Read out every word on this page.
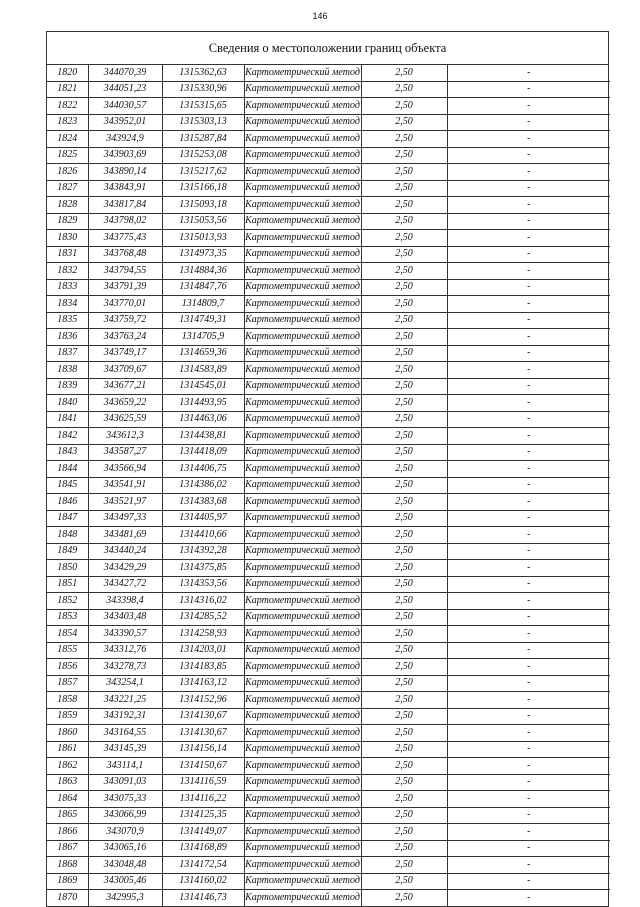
146
Сведения о местоположении границ объекта
1820	344070,39	1315362,63	Картометрический метод	2,50	-
1821	344051,23	1315330,96	Картометрический метод	2,50	-
1822	344030,57	1315315,65	Картометрический метод	2,50	-
1823	343952,01	1315303,13	Картометрический метод	2,50	-
1824	343924,9	1315287,84	Картометрический метод	2,50	-
1825	343903,69	1315253,08	Картометрический метод	2,50	-
1826	343890,14	1315217,62	Картометрический метод	2,50	-
1827	343843,91	1315166,18	Картометрический метод	2,50	-
1828	343817,84	1315093,18	Картометрический метод	2,50	-
1829	343798,02	1315053,56	Картометрический метод	2,50	-
1830	343775,43	1315013,93	Картометрический метод	2,50	-
1831	343768,48	1314973,35	Картометрический метод	2,50	-
1832	343794,55	1314884,36	Картометрический метод	2,50	-
1833	343791,39	1314847,76	Картометрический метод	2,50	-
1834	343770,01	1314809,7	Картометрический метод	2,50	-
1835	343759,72	1314749,31	Картометрический метод	2,50	-
1836	343763,24	1314705,9	Картометрический метод	2,50	-
1837	343749,17	1314659,36	Картометрический метод	2,50	-
1838	343709,67	1314583,89	Картометрический метод	2,50	-
1839	343677,21	1314545,01	Картометрический метод	2,50	-
1840	343659,22	1314493,95	Картометрический метод	2,50	-
1841	343625,59	1314463,06	Картометрический метод	2,50	-
1842	343612,3	1314438,81	Картометрический метод	2,50	-
1843	343587,27	1314418,09	Картометрический метод	2,50	-
1844	343566,94	1314406,75	Картометрический метод	2,50	-
1845	343541,91	1314386,02	Картометрический метод	2,50	-
1846	343521,97	1314383,68	Картометрический метод	2,50	-
1847	343497,33	1314405,97	Картометрический метод	2,50	-
1848	343481,69	1314410,66	Картометрический метод	2,50	-
1849	343440,24	1314392,28	Картометрический метод	2,50	-
1850	343429,29	1314375,85	Картометрический метод	2,50	-
1851	343427,72	1314353,56	Картометрический метод	2,50	-
1852	343398,4	1314316,02	Картометрический метод	2,50	-
1853	343403,48	1314285,52	Картометрический метод	2,50	-
1854	343390,57	1314258,93	Картометрический метод	2,50	-
1855	343312,76	1314203,01	Картометрический метод	2,50	-
1856	343278,73	1314183,85	Картометрический метод	2,50	-
1857	343254,1	1314163,12	Картометрический метод	2,50	-
1858	343221,25	1314152,96	Картометрический метод	2,50	-
1859	343192,31	1314130,67	Картометрический метод	2,50	-
1860	343164,55	1314130,67	Картометрический метод	2,50	-
1861	343145,39	1314156,14	Картометрический метод	2,50	-
1862	343114,1	1314150,67	Картометрический метод	2,50	-
1863	343091,03	1314116,59	Картометрический метод	2,50	-
1864	343075,33	1314116,22	Картометрический метод	2,50	-
1865	343066,99	1314125,35	Картометрический метод	2,50	-
1866	343070,9	1314149,07	Картометрический метод	2,50	-
1867	343065,16	1314168,89	Картометрический метод	2,50	-
1868	343048,48	1314172,54	Картометрический метод	2,50	-
1869	343005,46	1314160,02	Картометрический метод	2,50	-
1870	342995,3	1314146,73	Картометрический метод	2,50	-
